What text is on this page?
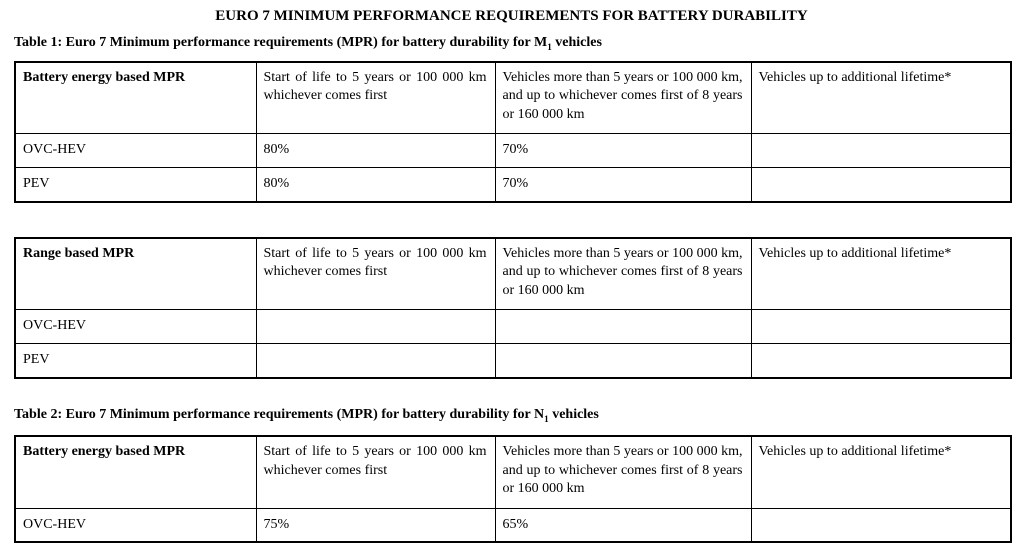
EURO 7 MINIMUM PERFORMANCE REQUIREMENTS FOR BATTERY DURABILITY
Table 1: Euro 7 Minimum performance requirements (MPR) for battery durability for $M_1$ vehicles
Battery energy based MPR	Start of life to 5 years or 100 000 km whichever comes first	Vehicles more than 5 years or 100 000 km, and up to whichever comes first of 8 years or 160 000 km	Vehicles up to additional lifetime*
OVC-HEV	80%	70%	
PEV	80%	70%	
Range based MPR	Start of life to 5 years or 100 000 km whichever comes first	Vehicles more than 5 years or 100 000 km, and up to whichever comes first of 8 years or 160 000 km	Vehicles up to additional lifetime*
OVC-HEV			
PEV			
Table 2: Euro 7 Minimum performance requirements (MPR) for battery durability for $N_1$ vehicles
Battery energy based MPR	Start of life to 5 years or 100 000 km whichever comes first	Vehicles more than 5 years or 100 000 km, and up to whichever comes first of 8 years or 160 000 km	Vehicles up to additional lifetime*
OVC-HEV	75%	65%	
